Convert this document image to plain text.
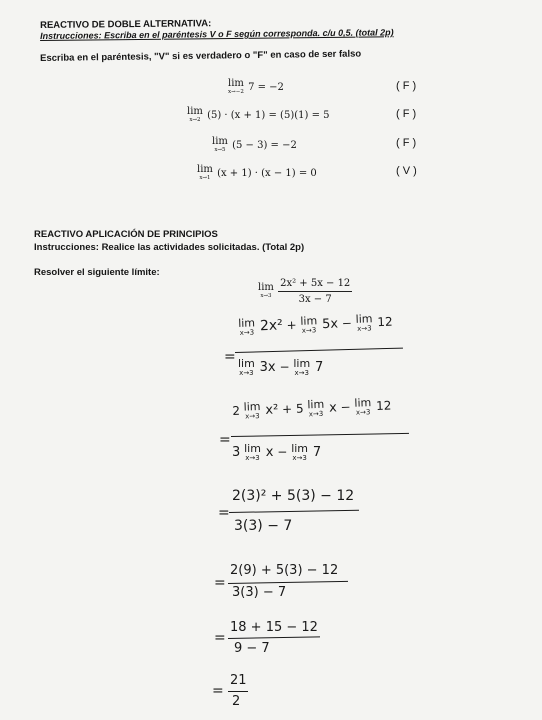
REACTIVO DE DOBLE ALTERNATIVA:
Instrucciones: Escriba en el paréntesis V o F según corresponda. c/u 0,5. (total 2p)
Escriba en el paréntesis, "V" si es verdadero o "F" en caso de ser falso
lim
x→−2 7 = −2	( F )
lim
x→2 (5) · (x + 1) = (5)(1) = 5	( F )
lim
x→5 (5 − 3) = −2	( F )
lim
x→1 (x + 1) · (x − 1) = 0	( V )
REACTIVO APLICACIÓN DE PRINCIPIOS
Instrucciones: Realice las actividades solicitadas. (Total 2p)
Resolver el siguiente límite:
lim
x→3
$\frac{\text{2x² + 5x − 12}}{3x - 7}$
=
lim
x→3 2x² + lim
x→3 5x − lim
x→3 12
lim
x→3 3x − lim
x→3 7
=
2 lim
x→3 x² + 5 lim
x→3 x − lim
x→3 12
3 lim
x→3 x − lim
x→3 7
=
2(3)² + 5(3) − 12
3(3) − 7
=
2(9) + 5(3) − 12
3(3) − 7
=
18 + 15 − 12
9 − 7
=
21
2
